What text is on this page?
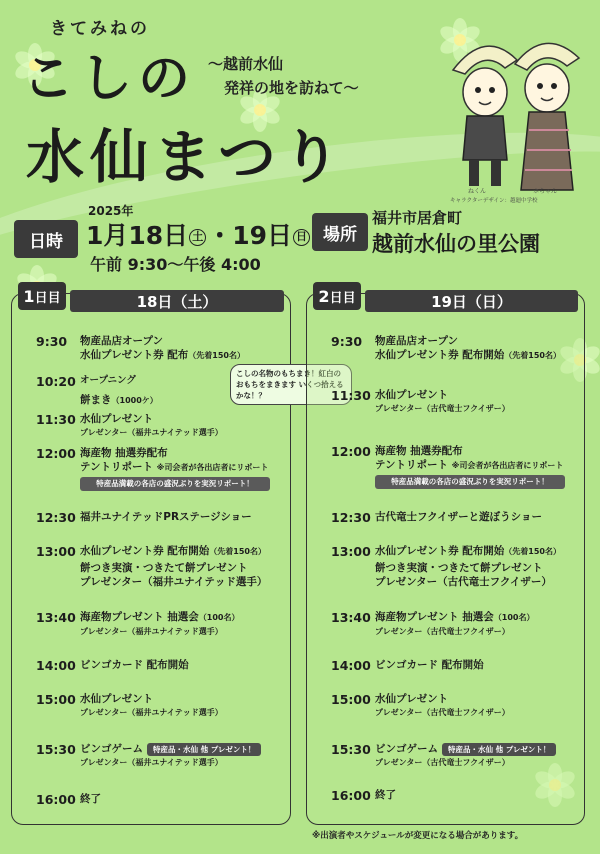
きてみねの
こしの
水仙まつり
〜越前水仙
発祥の地を訪ねて〜
ねくん	ホちゃん
キャラクターデザイン：越廻中学校
日時
2025年
1月18日 土 ・19日 日
午前 9:30〜午後 4:00
場所
福井市居倉町
越前水仙の里公園
1 日目	18日（土）
9:30	物産品店オープン
水仙プレゼント券 配布（先着150名）
10:20 オープニング
餅まき（1000ケ）
こしの名物のもちまき！紅白のおもちをまきます いくつ拾えるかな！？
11:30 水仙プレゼント
プレゼンター（福井ユナイテッド選手）
12:00 海産物 抽選券配布
テントリポート ※司会者が各出店者にリポート
特産品満載の各店の盛況ぶりを実況リポート！
12:30 福井ユナイテッドPRステージショー
13:00 水仙プレゼント券 配布開始（先着150名）
餅つき実演・つきたて餅プレゼント
プレゼンター（福井ユナイテッド選手）
13:40 海産物プレゼント 抽選会（100名）
プレゼンター（福井ユナイテッド選手）
14:00 ビンゴカード 配布開始
15:00 水仙プレゼント
プレゼンター（福井ユナイテッド選手）
15:30 ビンゴゲーム 特産品・水仙 他 プレゼント！
プレゼンター（福井ユナイテッド選手）
16:00 終了
2 日目	19日（日）
9:30	物産品店オープン
水仙プレゼント券 配布開始（先着150名）
11:30 水仙プレゼント
プレゼンター（古代竜士フクイザー）
12:00 海産物 抽選券配布
テントリポート ※司会者が各出店者にリポート
特産品満載の各店の盛況ぶりを実況リポート！
12:30 古代竜士フクイザーと遊ぼうショー
13:00 水仙プレゼント券 配布開始（先着150名）
餅つき実演・つきたて餅プレゼント
プレゼンター（古代竜士フクイザー）
13:40 海産物プレゼント 抽選会（100名）
プレゼンター（古代竜士フクイザー）
14:00 ビンゴカード 配布開始
15:00 水仙プレゼント
プレゼンター（古代竜士フクイザー）
15:30 ビンゴゲーム 特産品・水仙 他 プレゼント！
プレゼンター（古代竜士フクイザー）
16:00 終了
※出演者やスケジュールが変更になる場合があります。
